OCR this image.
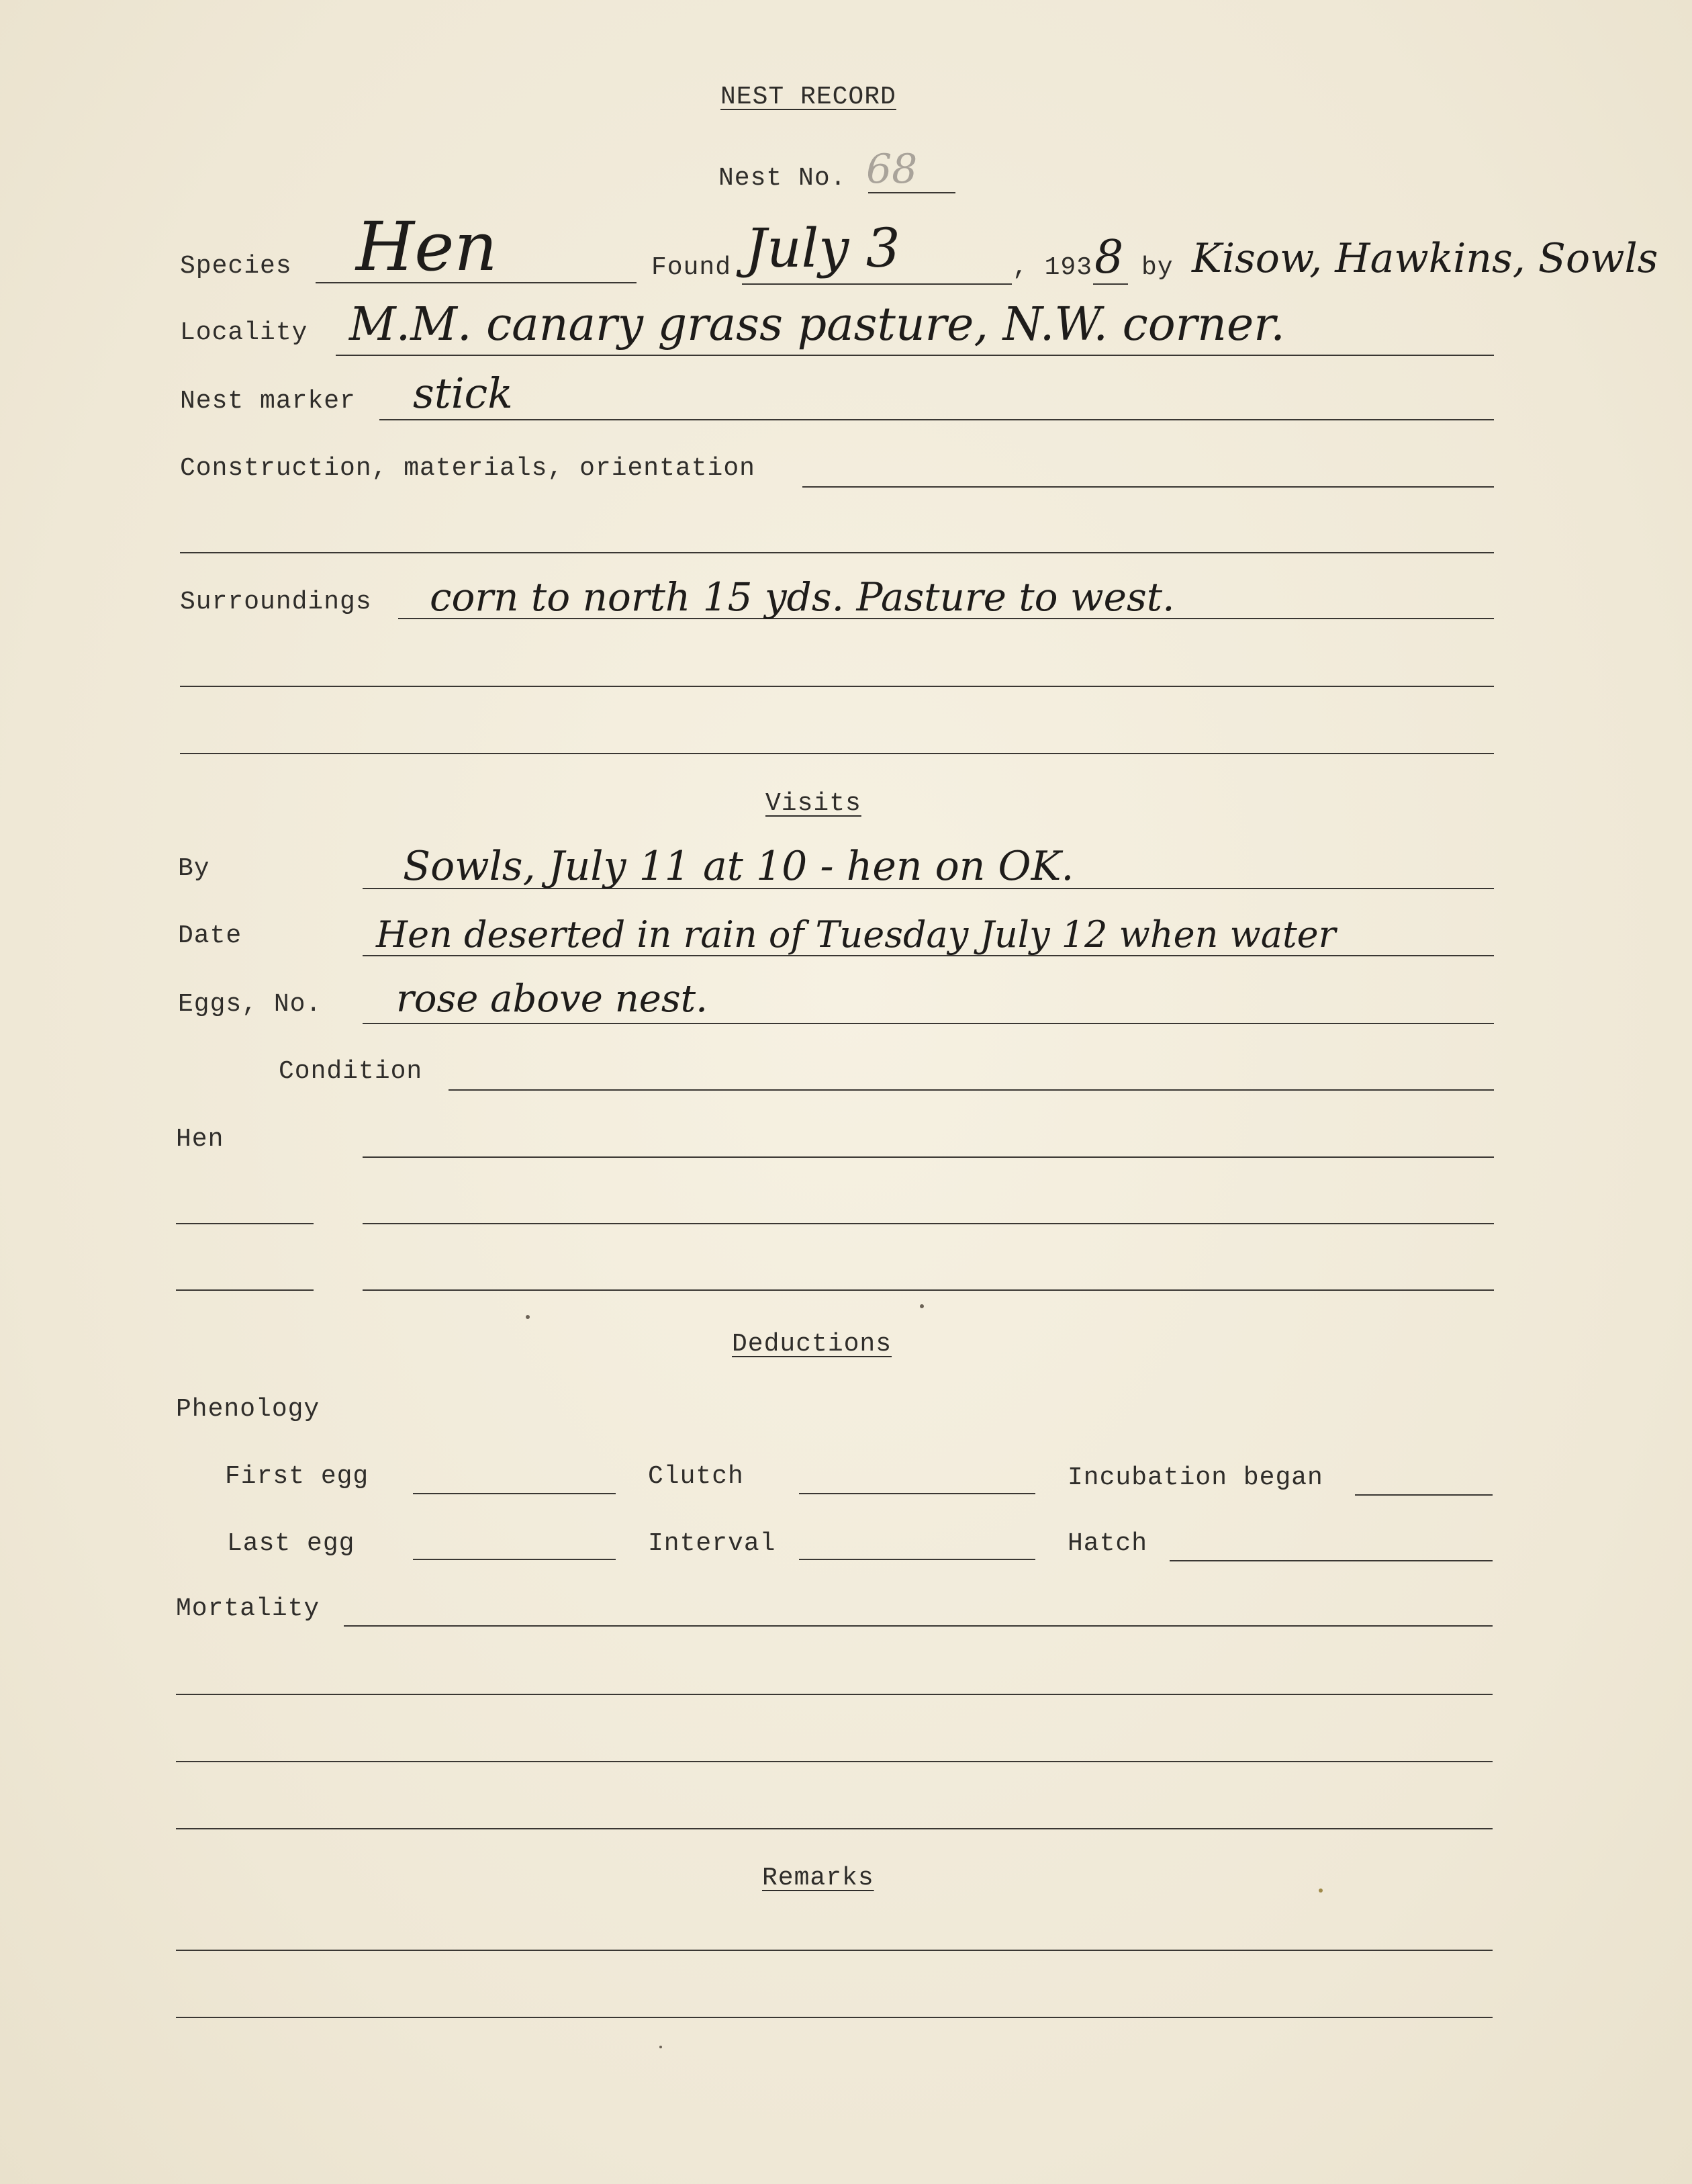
NEST RECORD
Nest No. 68
Species Hen	Found July 3	, 193 8 by Kisow, Hawkins, Sowls
Locality M.M. canary grass pasture, N.W. corner.
Nest marker stick
Construction, materials, orientation
Surroundings corn to north 15 yds. Pasture to west.
Visits
By	Sowls, July 11 at 10 - hen on OK.
Date	Hen deserted in rain of Tuesday July 12 when water
Eggs, No. rose above nest.
Condition
Hen
Deductions
Phenology
First egg	Clutch	Incubation began
Last egg	Interval	Hatch
Mortality
Remarks
